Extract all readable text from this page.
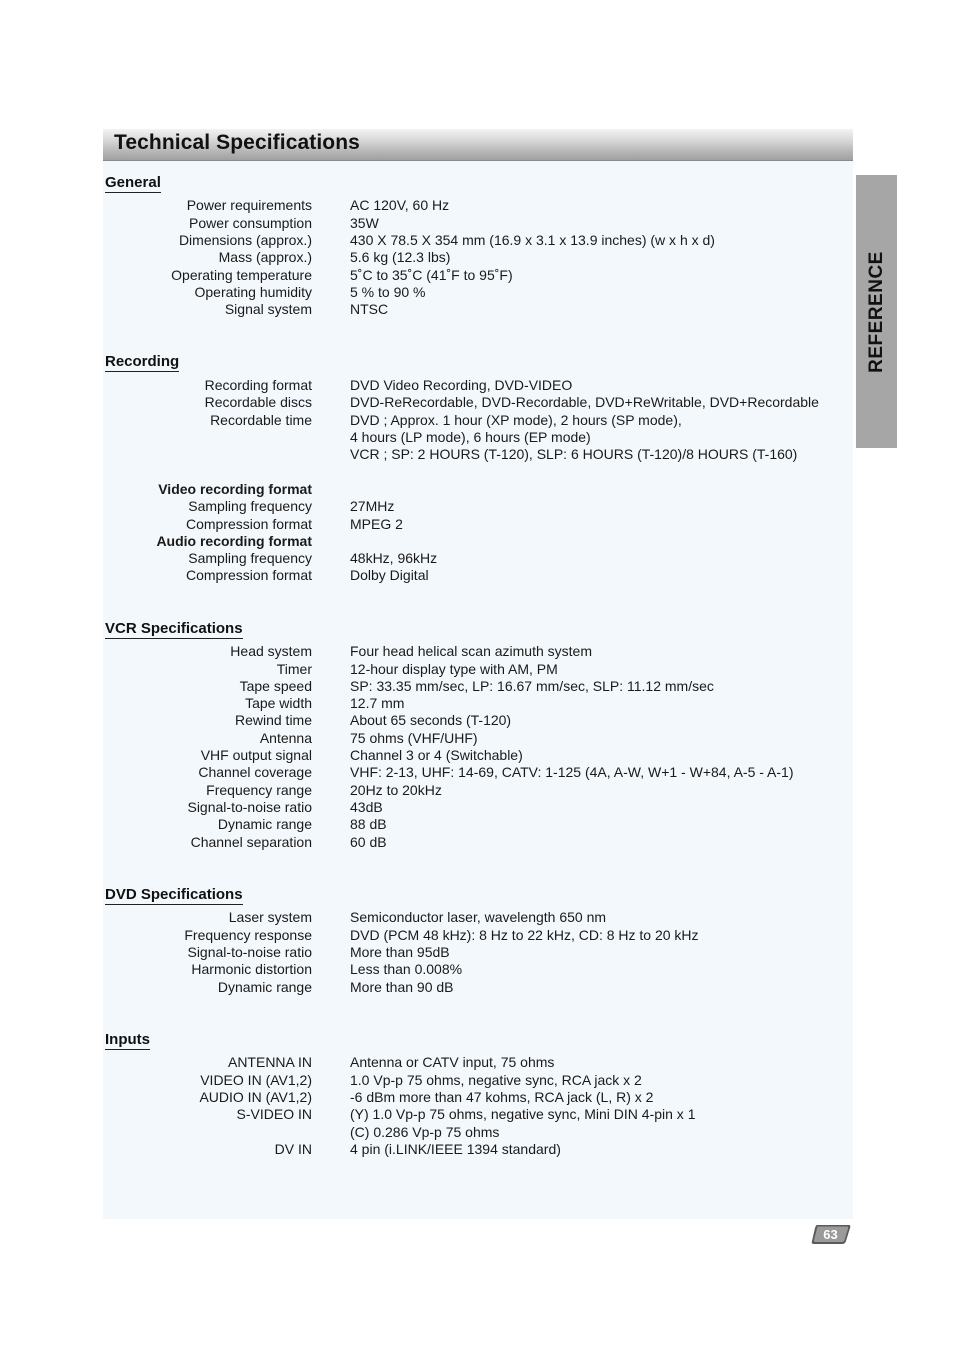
Technical Specifications
REFERENCE
General
Recording
VCR Specifications
DVD Specifications
Inputs
Power requirements	AC 120V, 60 Hz
Power consumption	35W
Dimensions (approx.)	430 X 78.5 X 354 mm (16.9 x 3.1 x 13.9 inches) (w x h x d)
Mass (approx.)	5.6 kg (12.3 lbs)
Operating temperature	5˚C to 35˚C (41˚F to 95˚F)
Operating humidity	5 % to 90 %
Signal system	NTSC
Recording format	DVD Video Recording, DVD-VIDEO
Recordable discs	DVD-ReRecordable, DVD-Recordable, DVD+ReWritable, DVD+Recordable
Recordable time	DVD ; Approx. 1 hour (XP mode), 2 hours (SP mode),
4 hours (LP mode), 6 hours (EP mode)
VCR ; SP: 2 HOURS (T-120), SLP: 6 HOURS (T-120)/8 HOURS (T-160)
Video recording format
Sampling frequency	27MHz
Compression format	MPEG 2
Audio recording format
Sampling frequency	48kHz, 96kHz
Compression format	Dolby Digital
Head system	Four head helical scan azimuth system
Timer	12-hour display type with AM, PM
Tape speed	SP: 33.35 mm/sec, LP: 16.67 mm/sec, SLP: 11.12 mm/sec
Tape width	12.7 mm
Rewind time	About 65 seconds (T-120)
Antenna	75 ohms (VHF/UHF)
VHF output signal	Channel 3 or 4 (Switchable)
Channel coverage	VHF: 2-13, UHF: 14-69, CATV: 1-125 (4A, A-W, W+1 - W+84, A-5 - A-1)
Frequency range	20Hz to 20kHz
Signal-to-noise ratio	43dB
Dynamic range	88 dB
Channel separation	60 dB
Laser system	Semiconductor laser, wavelength 650 nm
Frequency response	DVD (PCM 48 kHz): 8 Hz to 22 kHz, CD: 8 Hz to 20 kHz
Signal-to-noise ratio	More than 95dB
Harmonic distortion	Less than 0.008%
Dynamic range	More than 90 dB
ANTENNA IN	Antenna or CATV input, 75 ohms
VIDEO IN (AV1,2)	1.0 Vp-p 75 ohms, negative sync, RCA jack x 2
AUDIO IN (AV1,2)	-6 dBm more than 47 kohms, RCA jack (L, R) x 2
S-VIDEO IN	(Y) 1.0 Vp-p 75 ohms, negative sync, Mini DIN 4-pin x 1
(C) 0.286 Vp-p 75 ohms
DV IN	4 pin (i.LINK/IEEE 1394 standard)
63
